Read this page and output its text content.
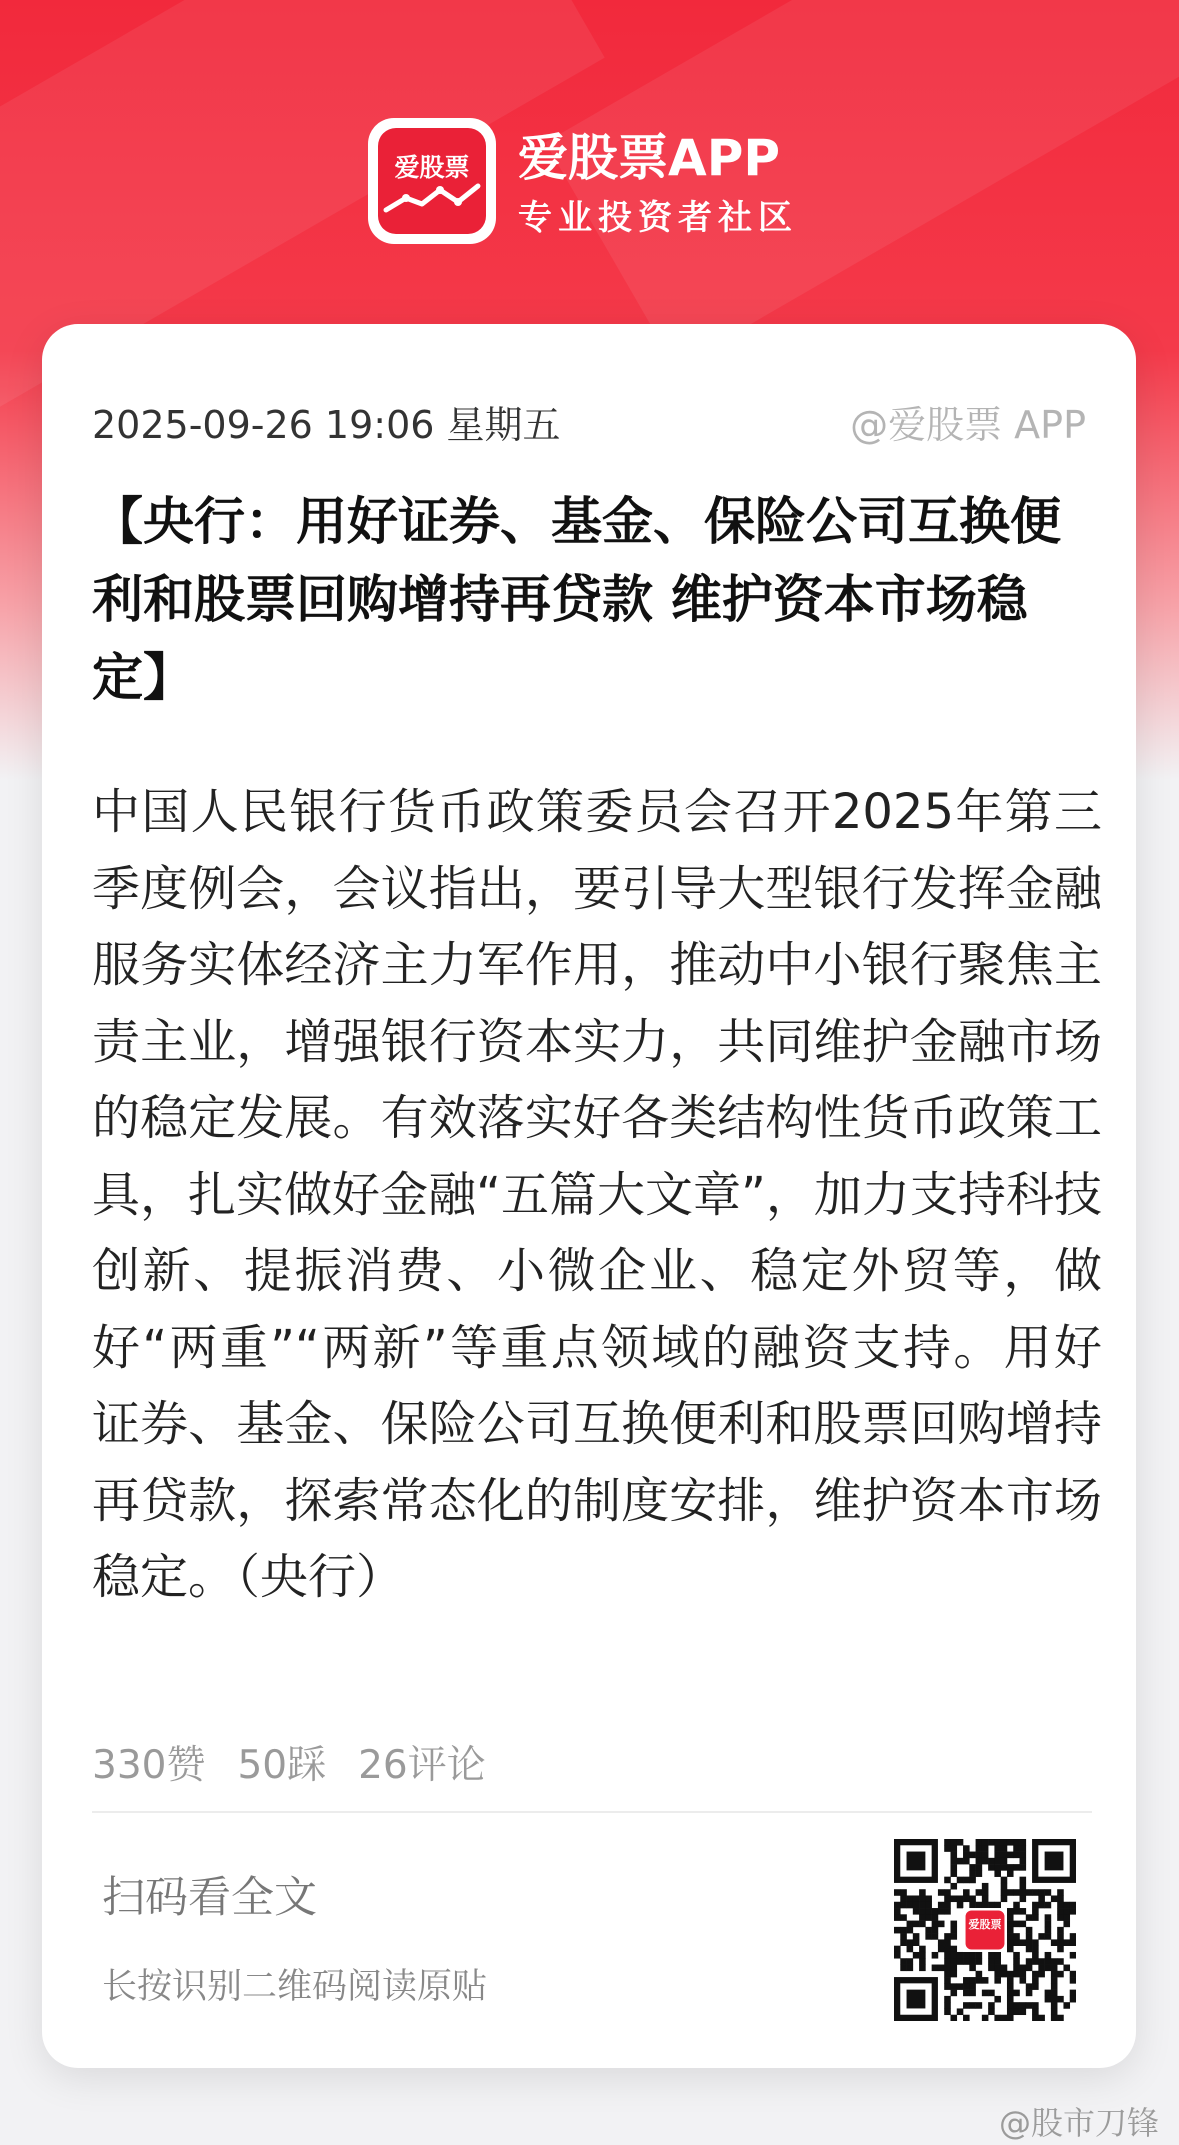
爱股票 爱股票APP
专业投资者社区
2025-09-26 19:06 星期五	@爱股票 APP
【央行：用好证券、基金、保险公司互换便利和股票回购增持再贷款 维护资本市场稳定】
中国人民银行货币政策委员会召开2025年第三季度例会，会议指出，要引导大型银行发挥金融服务实体经济主力军作用，推动中小银行聚焦主责主业，增强银行资本实力，共同维护金融市场的稳定发展。有效落实好各类结构性货币政策工具，扎实做好金融“五篇大文章”，加力支持科技创新、提振消费、小微企业、稳定外贸等，做好“两重”“两新”等重点领域的融资支持。用好证券、基金、保险公司互换便利和股票回购增持再贷款，探索常态化的制度安排，维护资本市场稳定。（央行）
330赞 50踩 26评论
扫码看全文
长按识别二维码阅读原贴
爱股票
@股市刀锋
